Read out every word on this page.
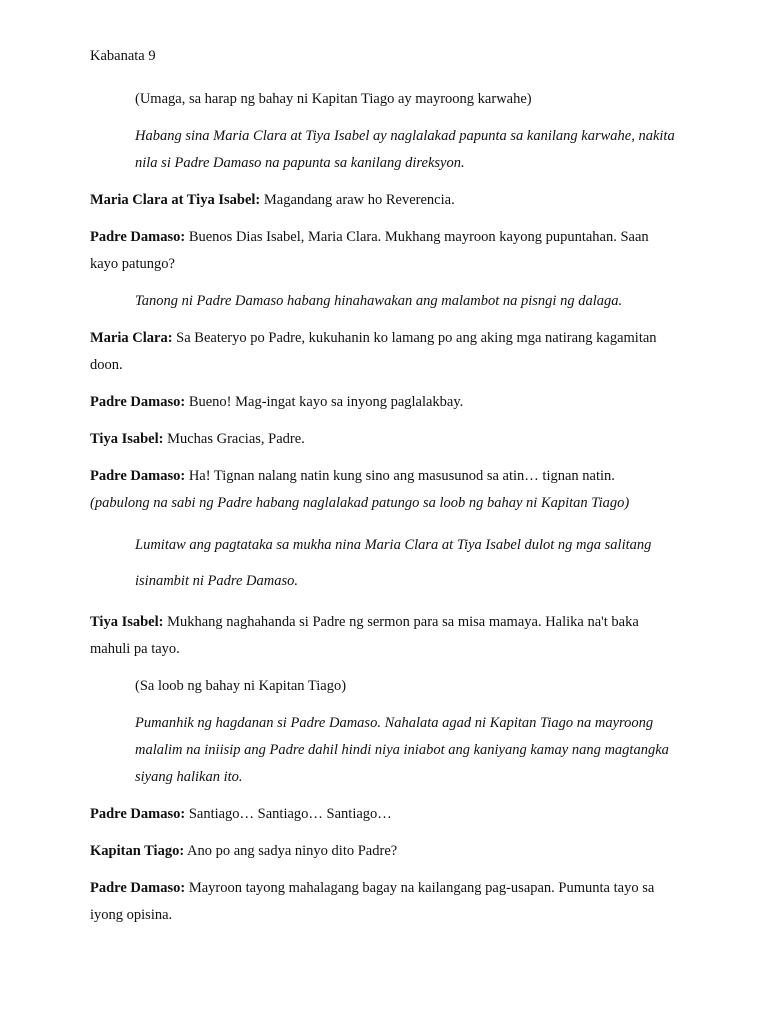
Kabanata 9

(Umaga, sa harap ng bahay ni Kapitan Tiago ay mayroong karwahe)

Habang sina Maria Clara at Tiya Isabel ay naglalakad papunta sa kanilang karwahe, nakita nila si Padre Damaso na papunta sa kanilang direksyon.

Maria Clara at Tiya Isabel: Magandang araw ho Reverencia.

Padre Damaso: Buenos Dias Isabel, Maria Clara. Mukhang mayroon kayong pupuntahan. Saan kayo patungo?

Tanong ni Padre Damaso habang hinahawakan ang malambot na pisngi ng dalaga.

Maria Clara: Sa Beateryo po Padre, kukuhanin ko lamang po ang aking mga natirang kagamitan doon.

Padre Damaso: Bueno! Mag-ingat kayo sa inyong paglalakbay.

Tiya Isabel: Muchas Gracias, Padre.

Padre Damaso: Ha! Tignan nalang natin kung sino ang masusunod sa atin… tignan natin.
(pabulong na sabi ng Padre habang naglalakad patungo sa loob ng bahay ni Kapitan Tiago)

Lumitaw ang pagtataka sa mukha nina Maria Clara at Tiya Isabel dulot ng mga salitang isinambit ni Padre Damaso.

Tiya Isabel: Mukhang naghahanda si Padre ng sermon para sa misa mamaya. Halika na't baka mahuli pa tayo.

(Sa loob ng bahay ni Kapitan Tiago)

Pumanhik ng hagdanan si Padre Damaso. Nahalata agad ni Kapitan Tiago na mayroong malalim na iniisip ang Padre dahil hindi niya iniabot ang kaniyang kamay nang magtangka siyang halikan ito.

Padre Damaso: Santiago… Santiago… Santiago…

Kapitan Tiago: Ano po ang sadya ninyo dito Padre?

Padre Damaso: Mayroon tayong mahalagang bagay na kailangang pag-usapan. Pumunta tayo sa iyong opisina.
